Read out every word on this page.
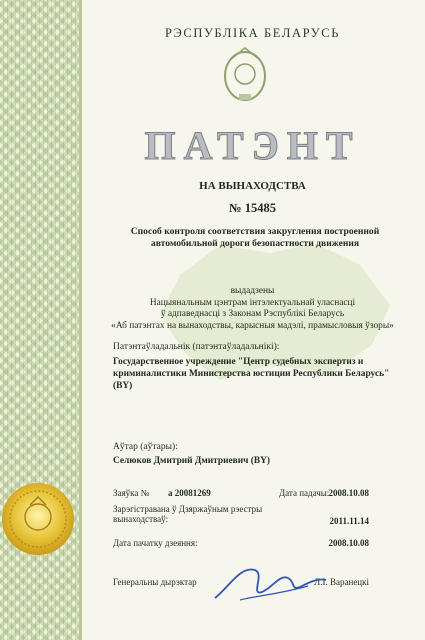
РЭСПУБЛІКА БЕЛАРУСЬ
ПАТЭНТ
НА ВЫНАХОДСТВА
№ 15485
Способ контроля соответствия закругления построенной
автомобильной дороги безопастности движения
выдадзены
Нацыянальным цэнтрам інтэлектуальнай уласнасці
ў адпаведнасці з Законам Рэспублікі Беларусь
«Аб патэнтах на вынаходствы, карысныя мадэлі, прамысловыя ўзоры»
Патэнтаўладальнік (патэнтаўладальнікі):
Государственное учреждение "Центр судебных экспертиз и
криминалистики Министерства юстиции Республики Беларусь"
(BY)
Аўтар (аўтары):
Селюков Дмитрий Дмитриевич (BY)
Заяўка № а 20081269	Дата падачы: 2008.10.08
Зарэгістравана ў Дзяржаўным рэестры
вынаходстваў:	2011.11.14
Дата пачатку дзеяння:	2008.10.08
Генеральны дырэктар	Л.І. Варанецкі
